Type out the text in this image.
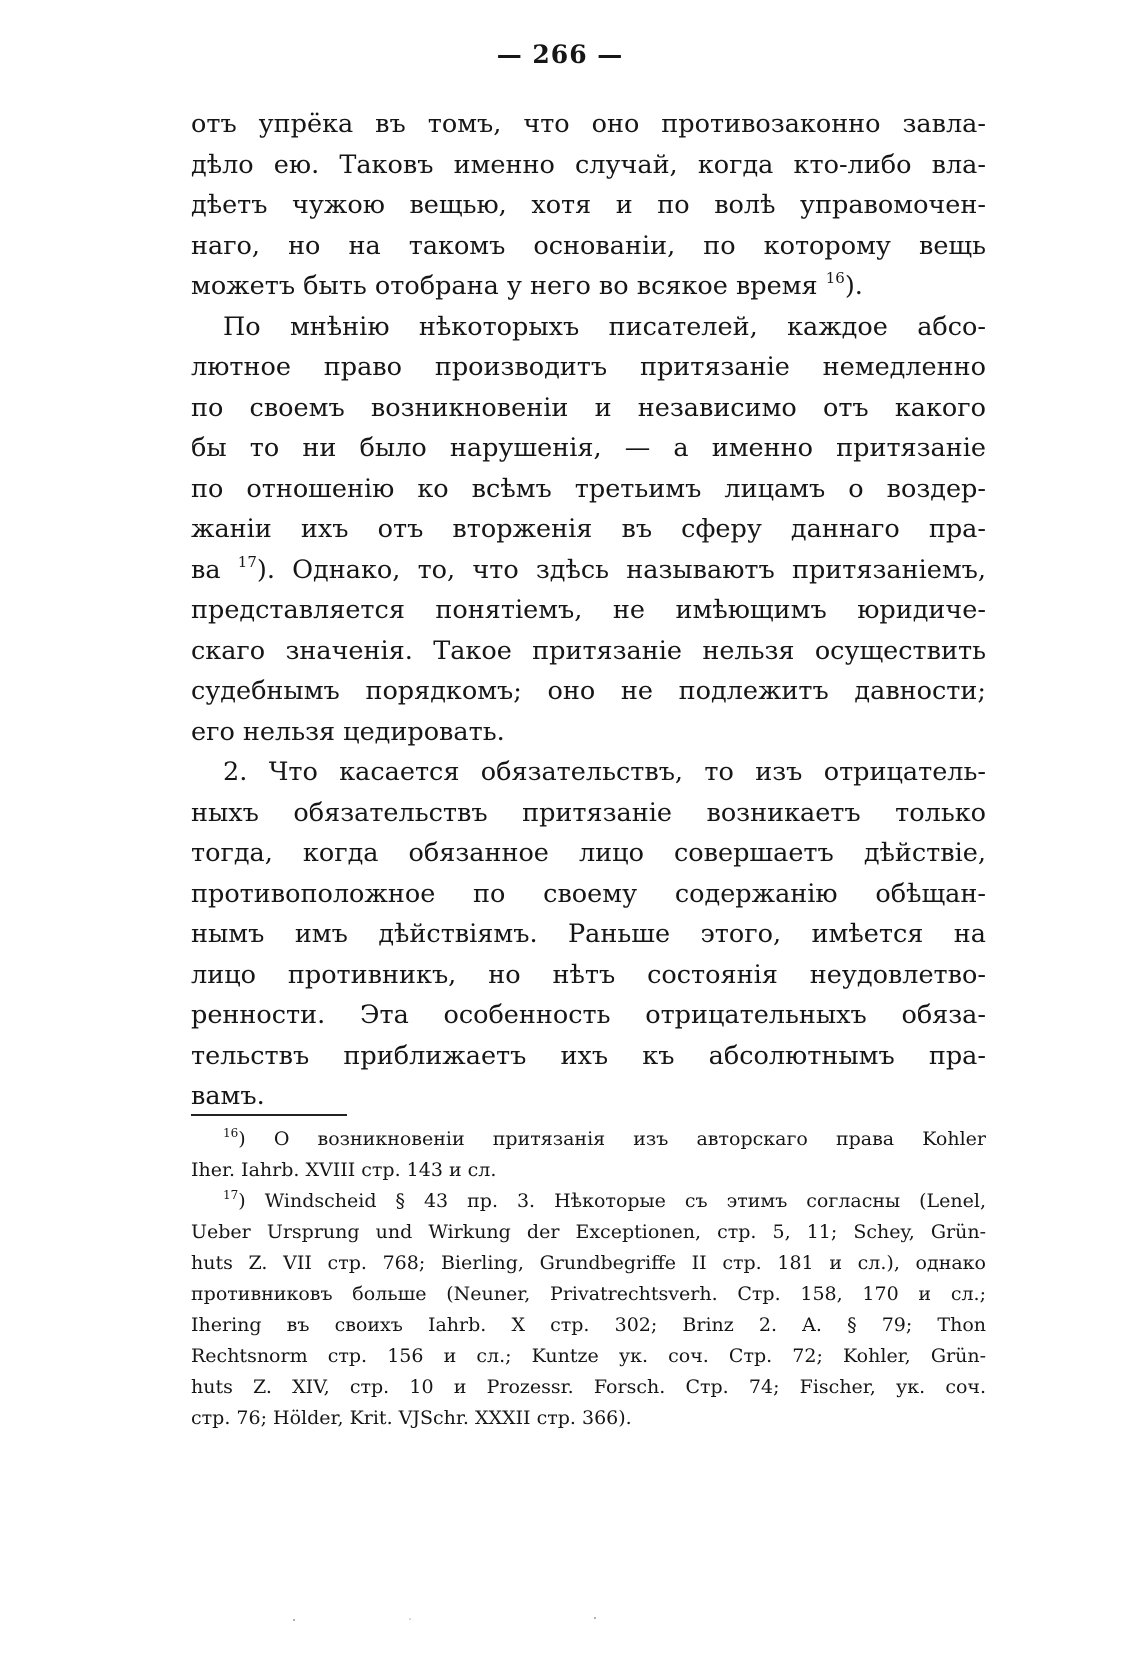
— 266 —
отъ упрёка въ томъ, что оно противозаконно завла-
дѣло ею. Таковъ именно случай, когда кто-либо вла-
дѣетъ чужою вещью, хотя и по волѣ управомочен-
наго, но на такомъ основаніи, по которому вещь
можетъ быть отобрана у него во всякое время $^{16}$).
По мнѣнію нѣкоторыхъ писателей, каждое абсо-
лютное право производитъ притязаніе немедленно
по своемъ возникновеніи и независимо отъ какого
бы то ни было нарушенія, — а именно притязаніе
по отношенію ко всѣмъ третьимъ лицамъ о воздер-
жаніи ихъ отъ вторженія въ сферу даннаго пра-
ва $^{17}$). Однако, то, что здѣсь называютъ притязаніемъ,
представляется понятіемъ, не имѣющимъ юридиче-
скаго значенія. Такое притязаніе нельзя осуществить
судебнымъ порядкомъ; оно не подлежитъ давности;
его нельзя цедировать.
2. Что касается обязательствъ, то изъ отрицатель-
ныхъ обязательствъ притязаніе возникаетъ только
тогда, когда обязанное лицо совершаетъ дѣйствіе,
противоположное по своему содержанію обѣщан-
нымъ имъ дѣйствіямъ. Раньше этого, имѣется на
лицо противникъ, но нѣтъ состоянія неудовлетво-
ренности. Эта особенность отрицательныхъ обяза-
тельствъ приближаетъ ихъ къ абсолютнымъ пра-
вамъ.
$^{16}$) О возникновеніи притязанія изъ авторскаго права Kohler
Iher. Iahrb. XVIII стр. 143 и сл.
$^{17}$) Windscheid § 43 пр. 3. Нѣкоторые съ этимъ согласны (Lenel,
Ueber Ursprung und Wirkung der Exceptionen, стр. 5, 11; Schey, Grün-
huts Z. VII стр. 768; Bierling, Grundbegriffe II стр. 181 и сл.), однако
противниковъ больше (Neuner, Privatrechtsverh. Стр. 158, 170 и сл.;
Ihering въ своихъ Iahrb. X стр. 302; Brinz 2. A. § 79; Thon
Rechtsnorm стр. 156 и сл.; Kuntze ук. соч. Стр. 72; Kohler, Grün-
huts Z. XIV, стр. 10 и Prozessr. Forsch. Стр. 74; Fischer, ук. соч.
стр. 76; Hölder, Krit. VJSchr. XXXII стр. 366).
